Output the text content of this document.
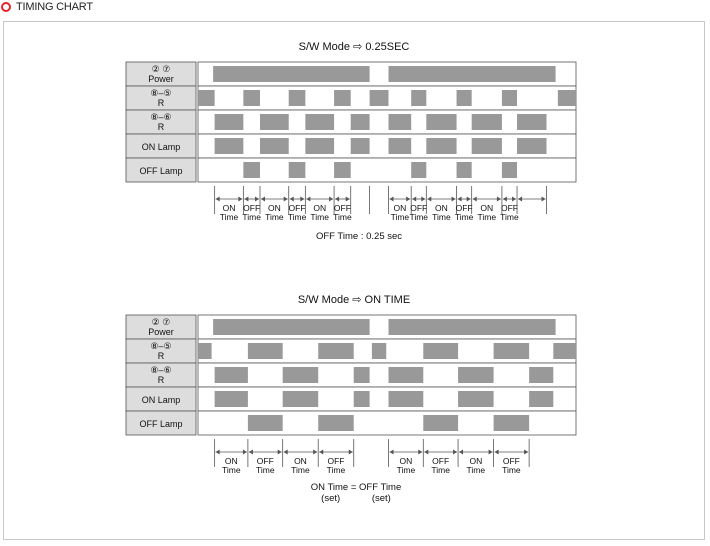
TIMING CHART
S/W Mode ⇨ 0.25SEC
② ⑦
Power
⑧–⑤
R
⑧–⑥
R
ON Lamp
OFF Lamp
ON
Time
OFF
Time
ON
Time
OFF
Time
ON
Time
OFF
Time
ON
Time
OFF
Time
ON
Time
OFF
Time
ON
Time
OFF
Time
OFF Time : 0.25 sec
S/W Mode ⇨ ON TIME
② ⑦
Power
⑧–⑤
R
⑧–⑥
R
ON Lamp
OFF Lamp
ON
Time
OFF
Time
ON
Time
OFF
Time
ON
Time
OFF
Time
ON
Time
OFF
Time
ON Time = OFF Time
(set)            (set)
